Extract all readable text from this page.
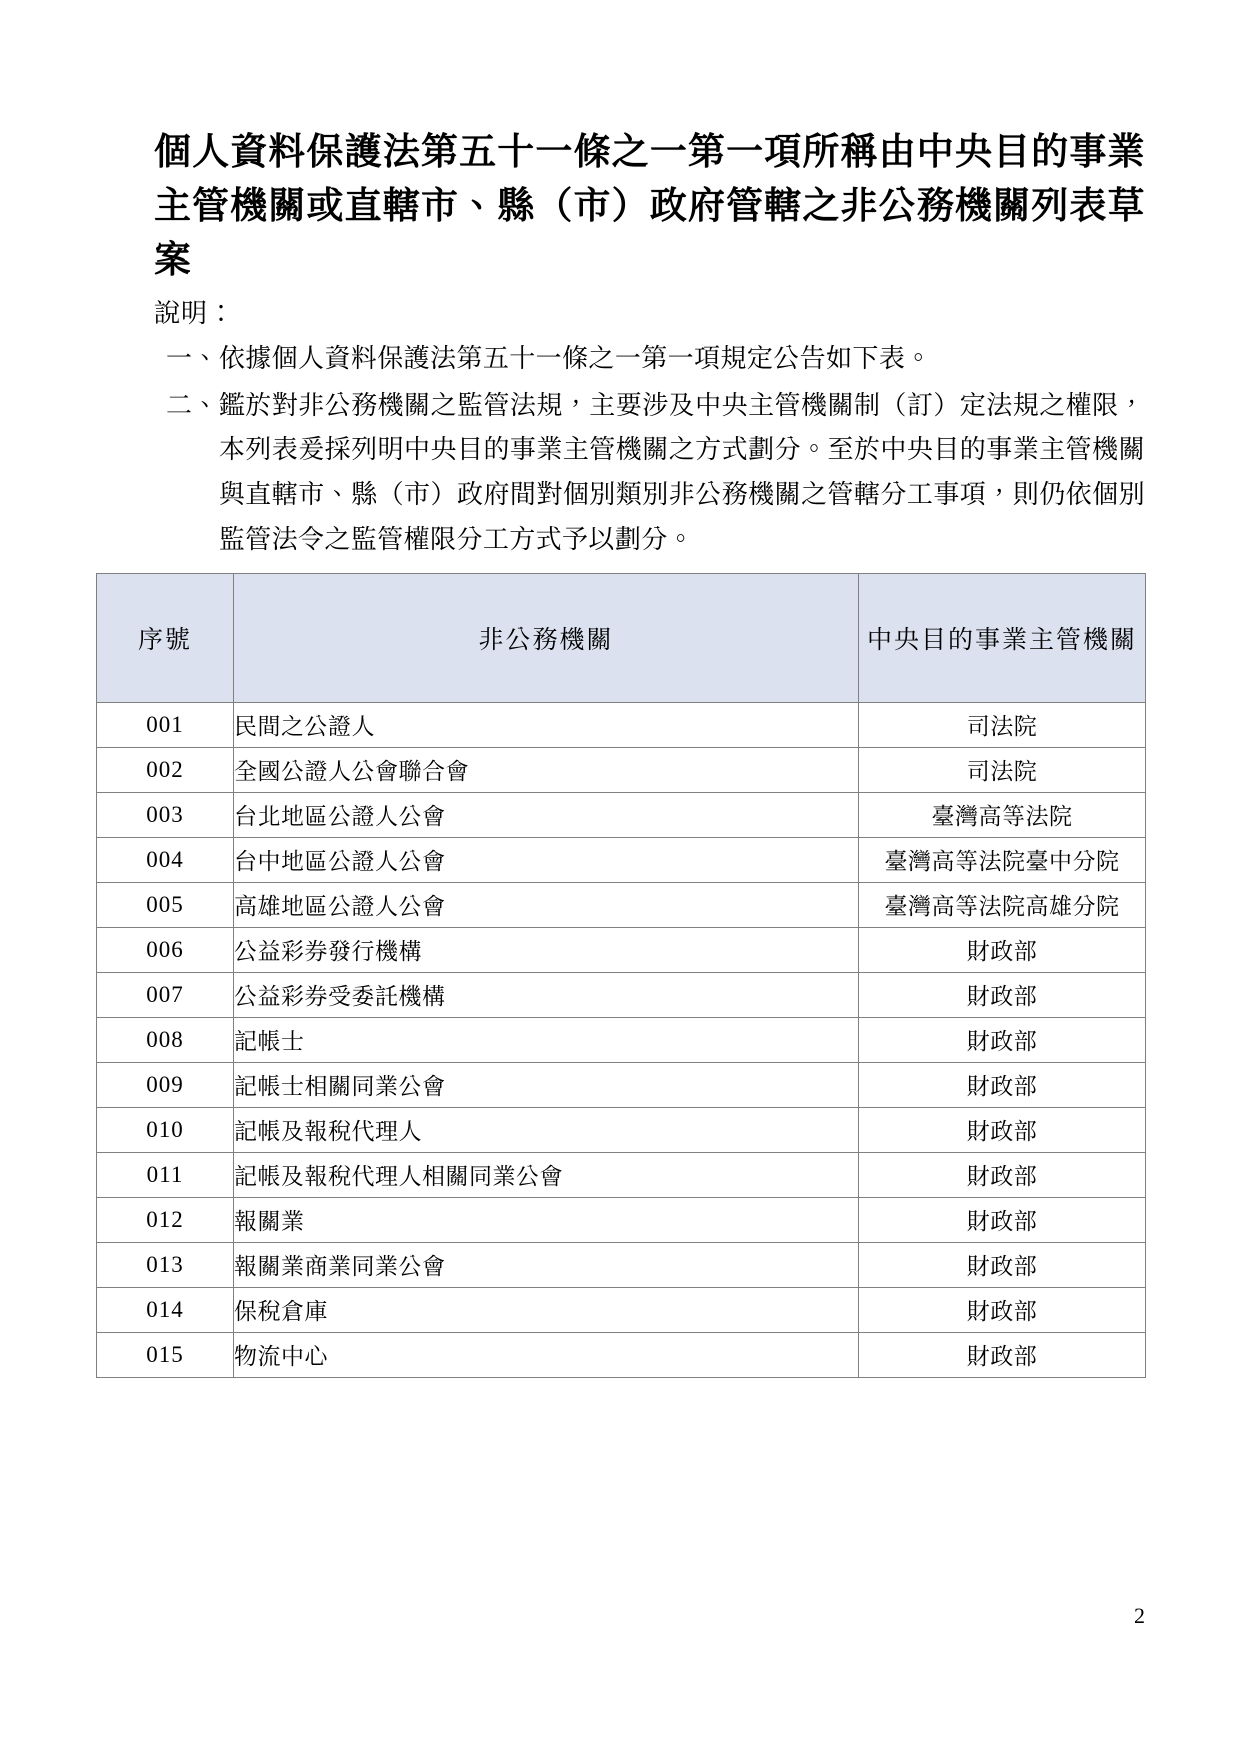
個人資料保護法第五十一條之一第一項所稱由中央目的事業主管機關或直轄市、縣（市）政府管轄之非公務機關列表草案

說明：

一、 依據個人資料保護法第五十一條之一第一項規定公告如下表。
二、 鑑於對非公務機關之監管法規，主要涉及中央主管機關制（訂）定法規之權限，本列表爰採列明中央目的事業主管機關之方式劃分。至於中央目的事業主管機關與直轄市、縣（市）政府間對個別類別非公務機關之管轄分工事項，則仍依個別監管法令之監管權限分工方式予以劃分。
序號	非公務機關	中央目的事業主管機關
001	民間之公證人	司法院
002	全國公證人公會聯合會	司法院
003	台北地區公證人公會	臺灣高等法院
004	台中地區公證人公會	臺灣高等法院臺中分院
005	高雄地區公證人公會	臺灣高等法院高雄分院
006	公益彩券發行機構	財政部
007	公益彩券受委託機構	財政部
008	記帳士	財政部
009	記帳士相關同業公會	財政部
010	記帳及報稅代理人	財政部
011	記帳及報稅代理人相關同業公會	財政部
012	報關業	財政部
013	報關業商業同業公會	財政部
014	保稅倉庫	財政部
015	物流中心	財政部
2
